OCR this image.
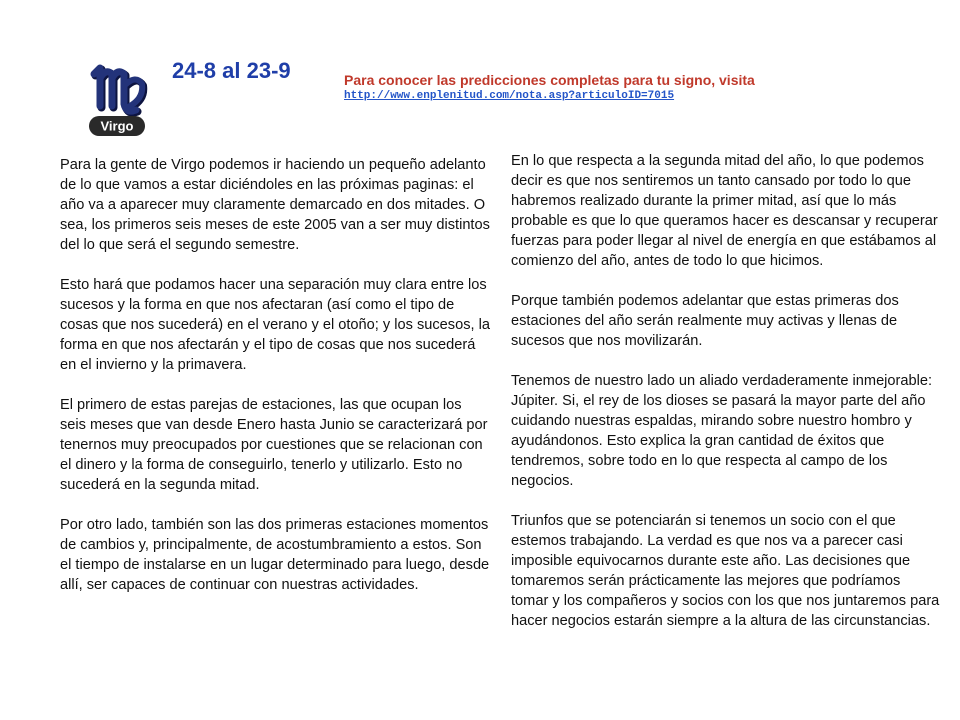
Virgo
24-8 al 23-9	Para conocer las predicciones completas para tu signo, visita

http://www.enplenitud.com/nota.asp?articuloID=7015

Para la gente de Virgo podemos ir haciendo un pequeño adelanto de lo que vamos a estar diciéndoles en las próximas paginas: el año va a aparecer muy claramente demarcado en dos mitades. O sea, los primeros seis meses de este 2005 van a ser muy distintos del lo que será el segundo semestre.

Esto hará que podamos hacer una separación muy clara entre los sucesos y la forma en que nos afectaran (así como el tipo de cosas que nos sucederá) en el verano y el otoño; y los sucesos, la forma en que nos afectarán y el tipo de cosas que nos sucederá en el invierno y la primavera.

El primero de estas parejas de estaciones, las que ocupan los seis meses que van desde Enero hasta Junio se caracterizará por tenernos muy preocupados por cuestiones que se relacionan con el dinero y la forma de conseguirlo, tenerlo y utilizarlo. Esto no sucederá en la segunda mitad.

Por otro lado, también son las dos primeras estaciones momentos de cambios y, principalmente, de acostumbramiento a estos. Son el tiempo de instalarse en un lugar determinado para luego, desde allí, ser capaces de continuar con nuestras actividades.

En lo que respecta a la segunda mitad del año, lo que podemos decir es que nos sentiremos un tanto cansado por todo lo que habremos realizado durante la primer mitad, así que lo más probable es que lo que queramos hacer es descansar y recuperar fuerzas para poder llegar al nivel de energía en que estábamos al comienzo del año, antes de todo lo que hicimos.

Porque también podemos adelantar que estas primeras dos estaciones del año serán realmente muy activas y llenas de sucesos que nos movilizarán.

Tenemos de nuestro lado un aliado verdaderamente inmejorable: Júpiter. Si, el rey de los dioses se pasará la mayor parte del año cuidando nuestras espaldas, mirando sobre nuestro hombro y ayudándonos. Esto explica la gran cantidad de éxitos que tendremos, sobre todo en lo que respecta al campo de los negocios.

Triunfos que se potenciarán si tenemos un socio con el que estemos trabajando. La verdad es que nos va a parecer casi imposible equivocarnos durante este año. Las decisiones que tomaremos serán prácticamente las mejores que podríamos tomar y los compañeros y socios con los que nos juntaremos para hacer negocios estarán siempre a la altura de las circunstancias.
